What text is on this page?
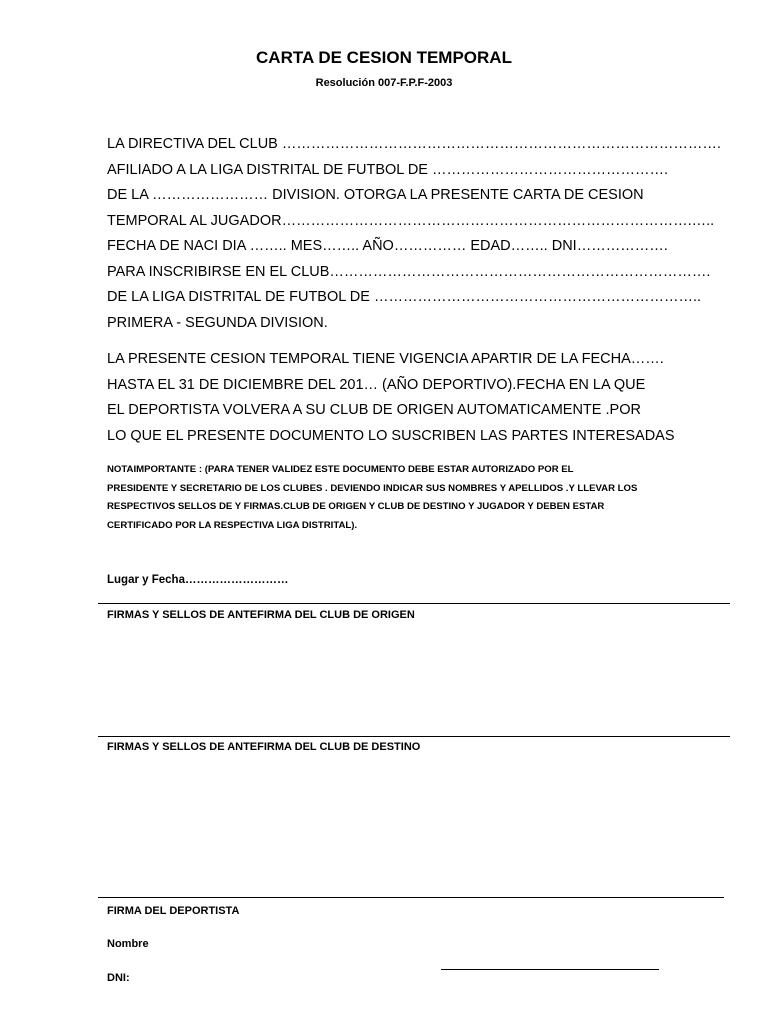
CARTA DE CESION TEMPORAL
Resolución 007-F.P.F-2003
LA DIRECTIVA DEL CLUB ……………………………………………………………………………….
AFILIADO A LA LIGA DISTRITAL DE FUTBOL DE ………………………………………….
DE LA …………………… DIVISION. OTORGA LA PRESENTE CARTA DE CESION
TEMPORAL AL JUGADOR………………………………………………………………………….…..
FECHA DE NACI DIA …….. MES…….. AÑO…………… EDAD…….. DNI……………….
PARA INSCRIBIRSE EN EL CLUB…………………………………………………………………….
DE LA LIGA DISTRITAL DE FUTBOL DE …………………………………………………………..
PRIMERA - SEGUNDA DIVISION.
LA PRESENTE CESION TEMPORAL TIENE VIGENCIA APARTIR DE LA FECHA…….
HASTA EL 31 DE DICIEMBRE DEL 201… (AÑO DEPORTIVO).FECHA EN LA QUE
EL DEPORTISTA VOLVERA A SU CLUB DE ORIGEN AUTOMATICAMENTE .POR
LO QUE EL PRESENTE DOCUMENTO LO SUSCRIBEN LAS PARTES INTERESADAS
NOTAIMPORTANTE : (PARA TENER VALIDEZ ESTE DOCUMENTO DEBE ESTAR AUTORIZADO POR EL
PRESIDENTE Y SECRETARIO DE LOS CLUBES . DEVIENDO INDICAR SUS NOMBRES Y APELLIDOS .Y LLEVAR LOS
RESPECTIVOS SELLOS DE Y FIRMAS.CLUB DE ORIGEN Y CLUB DE DESTINO Y JUGADOR Y DEBEN ESTAR
CERTIFICADO POR LA RESPECTIVA LIGA DISTRITAL).
Lugar y Fecha………………………
FIRMAS Y SELLOS DE ANTEFIRMA DEL CLUB DE ORIGEN
FIRMAS Y SELLOS DE ANTEFIRMA DEL CLUB DE DESTINO
FIRMA DEL DEPORTISTA
Nombre
DNI:
